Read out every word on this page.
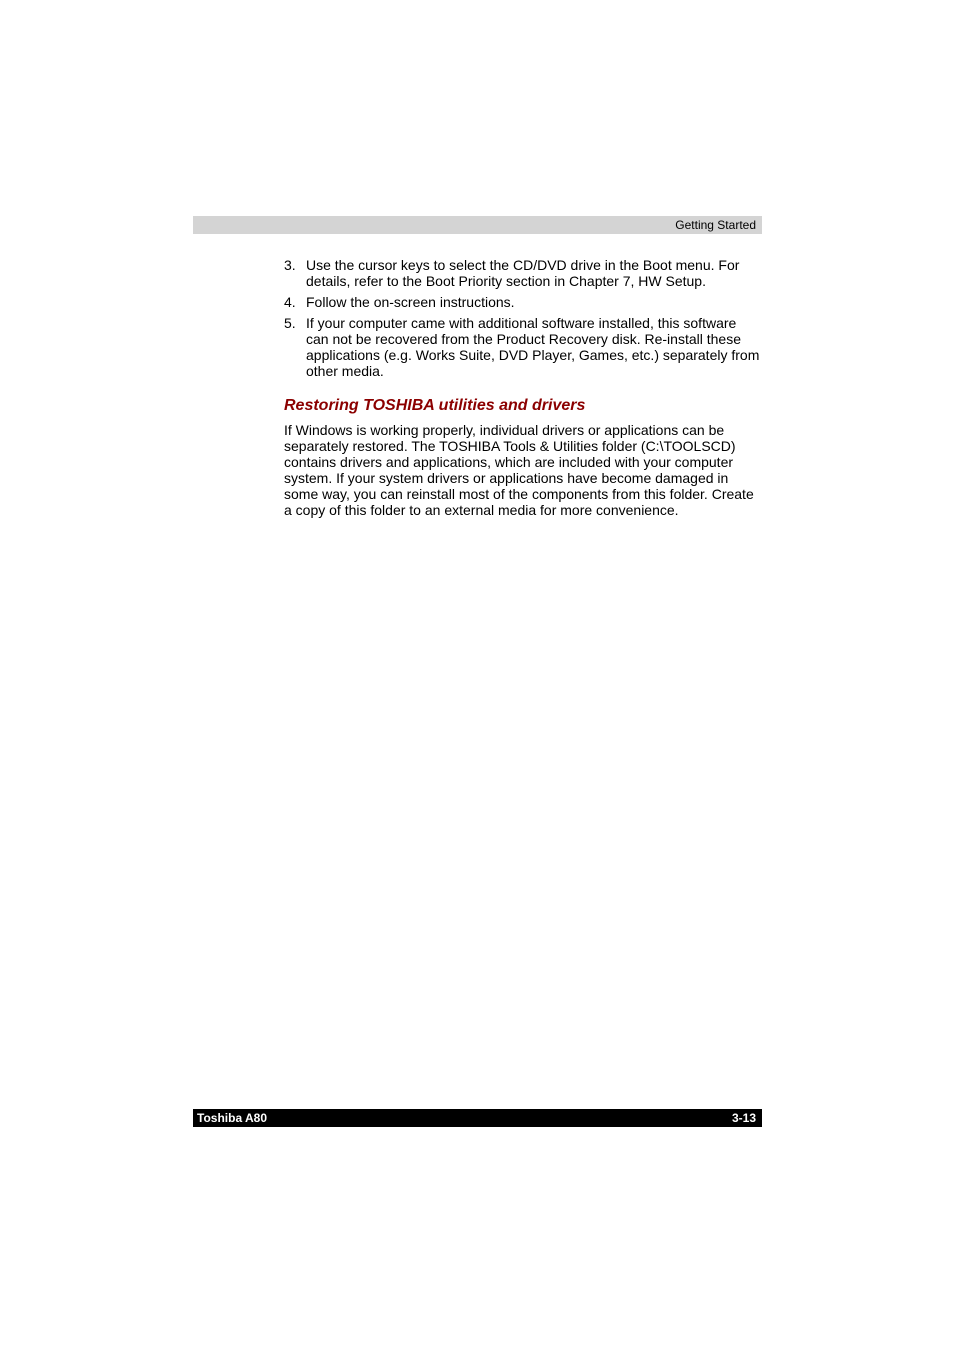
Getting Started
3. Use the cursor keys to select the CD/DVD drive in the Boot menu. For details, refer to the Boot Priority section in Chapter 7, HW Setup.
4. Follow the on-screen instructions.
5. If your computer came with additional software installed, this software can not be recovered from the Product Recovery disk. Re-install these applications (e.g. Works Suite, DVD Player, Games, etc.) separately from other media.
Restoring TOSHIBA utilities and drivers

If Windows is working properly, individual drivers or applications can be separately restored. The TOSHIBA Tools & Utilities folder (C:\TOOLSCD) contains drivers and applications, which are included with your computer system. If your system drivers or applications have become damaged in some way, you can reinstall most of the components from this folder. Create a copy of this folder to an external media for more convenience.

Toshiba A80	3-13
